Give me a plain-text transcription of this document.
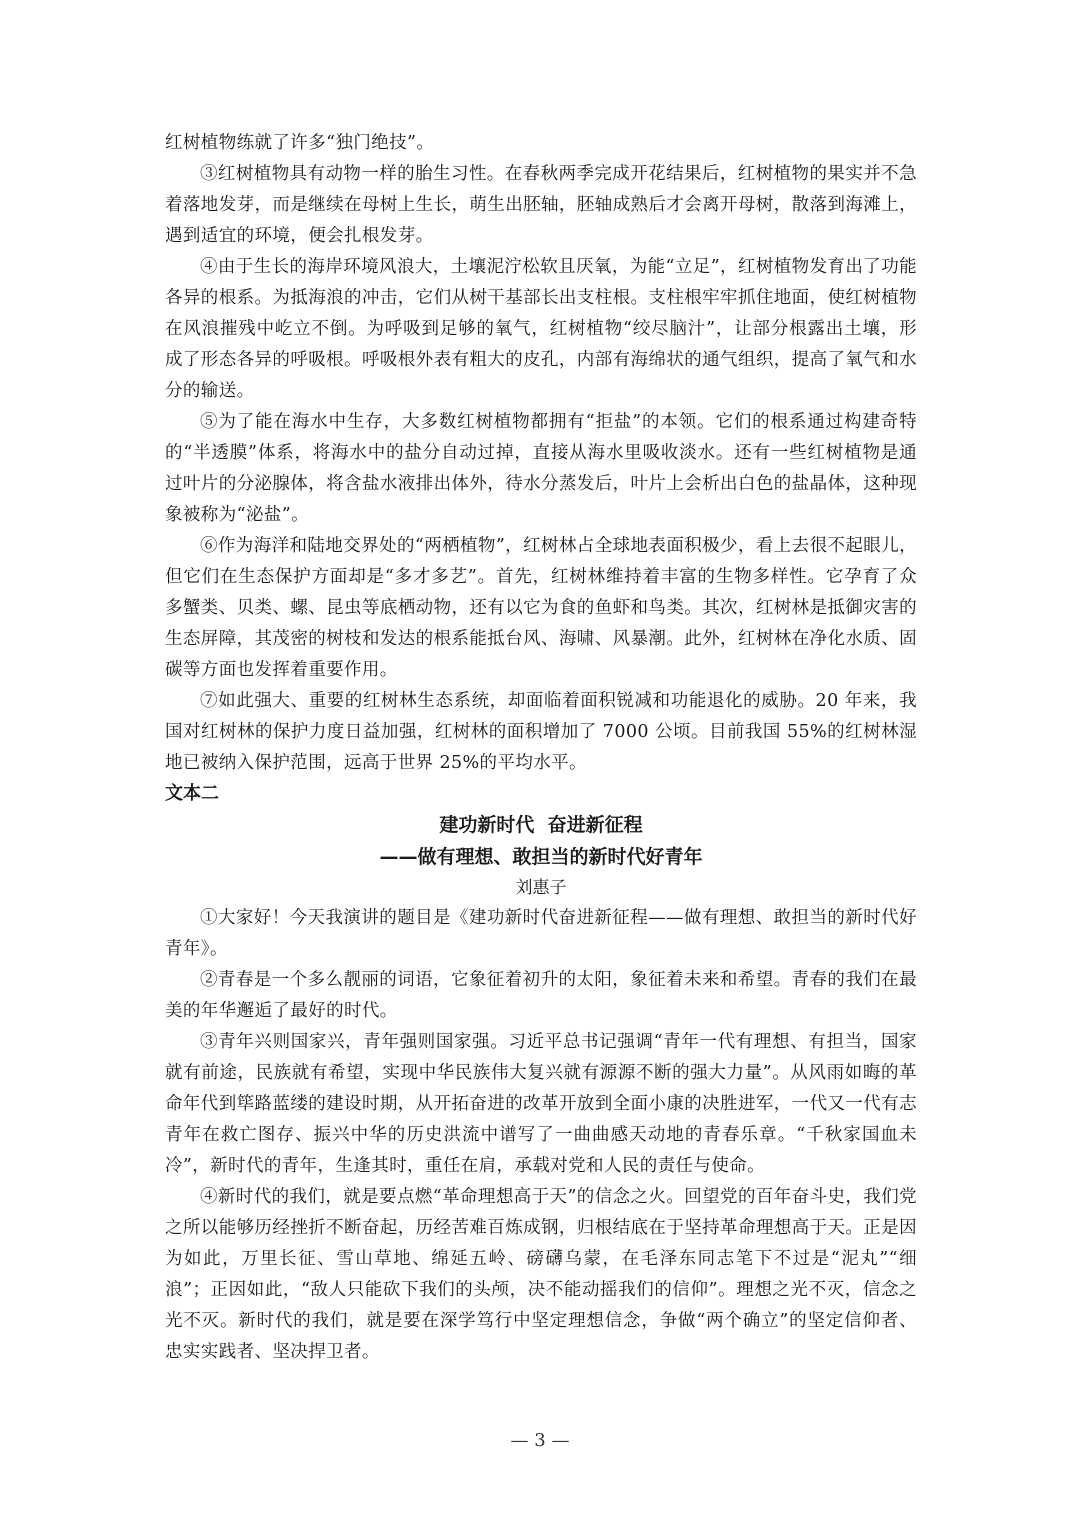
红树植物练就了许多“独门绝技”。

③红树植物具有动物一样的胎生习性。在春秋两季完成开花结果后，红树植物的果实并不急着落地发芽，而是继续在母树上生长，萌生出胚轴，胚轴成熟后才会离开母树，散落到海滩上，遇到适宜的环境，便会扎根发芽。

④由于生长的海岸环境风浪大，土壤泥泞松软且厌氧，为能“立足”，红树植物发育出了功能各异的根系。为抵海浪的冲击，它们从树干基部长出支柱根。支柱根牢牢抓住地面，使红树植物在风浪摧残中屹立不倒。为呼吸到足够的氧气，红树植物“绞尽脑汁”，让部分根露出土壤，形成了形态各异的呼吸根。呼吸根外表有粗大的皮孔，内部有海绵状的通气组织，提高了氧气和水分的输送。

⑤为了能在海水中生存，大多数红树植物都拥有“拒盐”的本领。它们的根系通过构建奇特的“半透膜”体系，将海水中的盐分自动过掉，直接从海水里吸收淡水。还有一些红树植物是通过叶片的分泌腺体，将含盐水液排出体外，待水分蒸发后，叶片上会析出白色的盐晶体，这种现象被称为“泌盐”。

⑥作为海洋和陆地交界处的“两栖植物”，红树林占全球地表面积极少，看上去很不起眼儿，但它们在生态保护方面却是“多才多艺”。首先，红树林维持着丰富的生物多样性。它孕育了众多蟹类、贝类、螺、昆虫等底栖动物，还有以它为食的鱼虾和鸟类。其次，红树林是抵御灾害的生态屏障，其茂密的树枝和发达的根系能抵台风、海啸、风暴潮。此外，红树林在净化水质、固碳等方面也发挥着重要作用。

⑦如此强大、重要的红树林生态系统，却面临着面积锐减和功能退化的威胁。20 年来，我国对红树林的保护力度日益加强，红树林的面积增加了 7000 公顷。目前我国 55%的红树林湿地已被纳入保护范围，远高于世界 25%的平均水平。

文本二

建功新时代  奋进新征程

——做有理想、敢担当的新时代好青年

刘惠子

①大家好！今天我演讲的题目是《建功新时代奋进新征程——做有理想、敢担当的新时代好青年》。

②青春是一个多么靓丽的词语，它象征着初升的太阳，象征着未来和希望。青春的我们在最美的年华邂逅了最好的时代。

③青年兴则国家兴，青年强则国家强。习近平总书记强调“青年一代有理想、有担当，国家就有前途，民族就有希望，实现中华民族伟大复兴就有源源不断的强大力量”。从风雨如晦的革命年代到筚路蓝缕的建设时期，从开拓奋进的改革开放到全面小康的决胜进军，一代又一代有志青年在救亡图存、振兴中华的历史洪流中谱写了一曲曲感天动地的青春乐章。“千秋家国血未冷”，新时代的青年，生逢其时，重任在肩，承载对党和人民的责任与使命。

④新时代的我们，就是要点燃“革命理想高于天”的信念之火。回望党的百年奋斗史，我们党之所以能够历经挫折不断奋起，历经苦难百炼成钢，归根结底在于坚持革命理想高于天。正是因为如此，万里长征、雪山草地、绵延五岭、磅礴乌蒙，在毛泽东同志笔下不过是“泥丸”“细浪”；正因如此，“敌人只能砍下我们的头颅，决不能动摇我们的信仰”。理想之光不灭，信念之光不灭。新时代的我们，就是要在深学笃行中坚定理想信念，争做“两个确立”的坚定信仰者、忠实实践者、坚决捍卫者。

— 3 —
